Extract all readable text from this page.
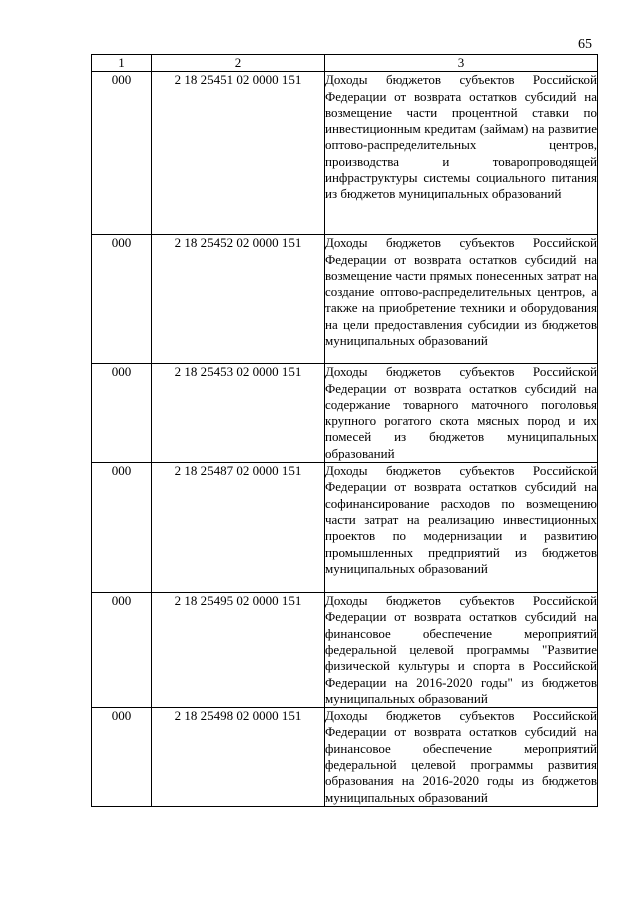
65
1	2	3
000	2 18 25451 02 0000 151	Доходы бюджетов субъектов Российской Федерации от возврата остатков субсидий на возмещение части процентной ставки по инвестиционным кредитам (займам) на развитие оптово-распределительных центров, производства и товаропроводящей инфраструктуры системы социального питания из бюджетов муниципальных образований
000	2 18 25452 02 0000 151	Доходы бюджетов субъектов Российской Федерации от возврата остатков субсидий на возмещение части прямых понесенных затрат на создание оптово-распределительных центров, а также на приобретение техники и оборудования на цели предоставления субсидии из бюджетов муниципальных образований
000	2 18 25453 02 0000 151	Доходы бюджетов субъектов Российской Федерации от возврата остатков субсидий на содержание товарного маточного поголовья крупного рогатого скота мясных пород и их помесей из бюджетов муниципальных образований
000	2 18 25487 02 0000 151	Доходы бюджетов субъектов Российской Федерации от возврата остатков субсидий на софинансирование расходов по возмещению части затрат на реализацию инвестиционных проектов по модернизации и развитию промышленных предприятий из бюджетов муниципальных образований
000	2 18 25495 02 0000 151	Доходы бюджетов субъектов Российской Федерации от возврата остатков субсидий на финансовое обеспечение мероприятий федеральной целевой программы "Развитие физической культуры и спорта в Российской Федерации на 2016-2020 годы" из бюджетов муниципальных образований
000	2 18 25498 02 0000 151	Доходы бюджетов субъектов Российской Федерации от возврата остатков субсидий на финансовое обеспечение мероприятий федеральной целевой программы развития образования на 2016-2020 годы из бюджетов муниципальных образований
